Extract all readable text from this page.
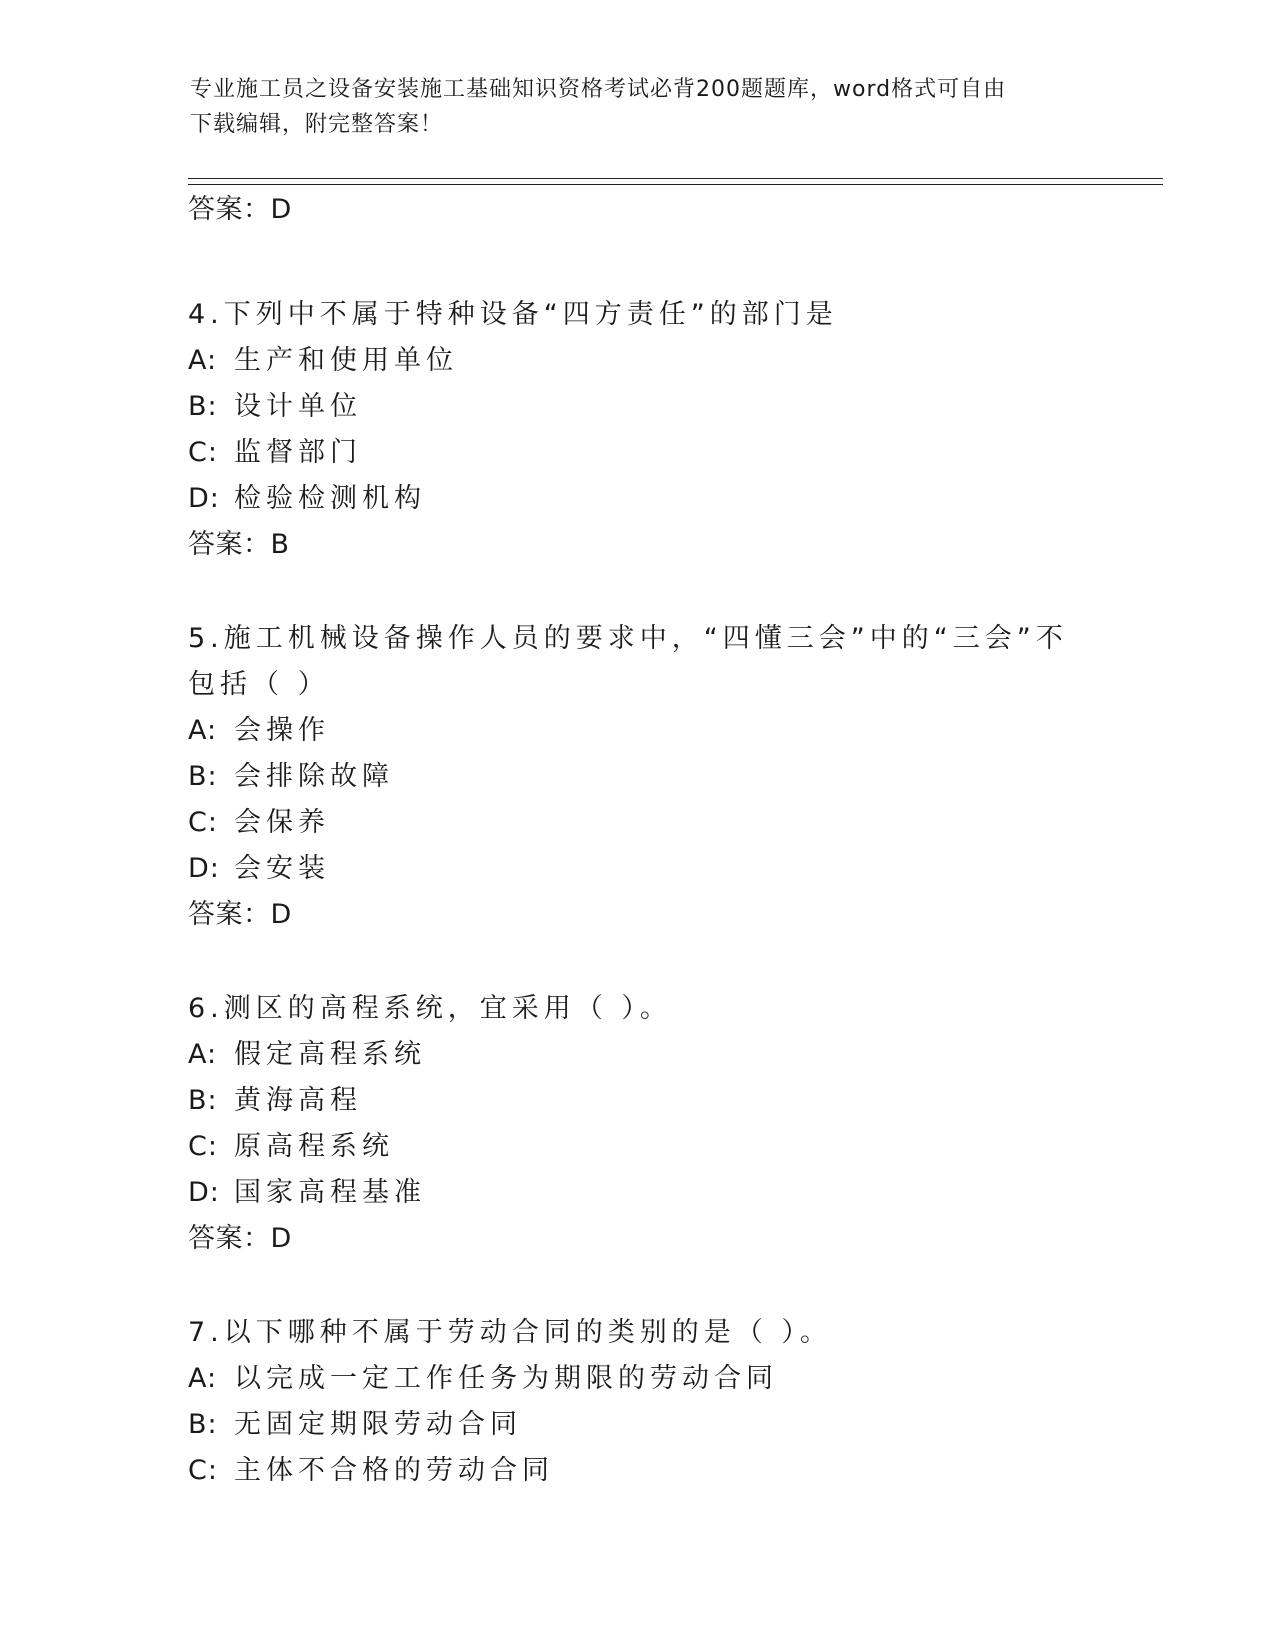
专业施工员之设备安装施工基础知识资格考试必背200题题库，word格式可自由
下载编辑，附完整答案！
答案：D
4.下列中不属于特种设备“四方责任”的部门是
A: 生产和使用单位
B: 设计单位
C: 监督部门
D: 检验检测机构
答案：B
5.施工机械设备操作人员的要求中，“四懂三会”中的“三会”不包括（ ）
A: 会操作
B: 会排除故障
C: 会保养
D: 会安装
答案：D
6.测区的高程系统，宜采用（ ）。
A: 假定高程系统
B: 黄海高程
C: 原高程系统
D: 国家高程基准
答案：D
7.以下哪种不属于劳动合同的类别的是（ ）。
A: 以完成一定工作任务为期限的劳动合同
B: 无固定期限劳动合同
C: 主体不合格的劳动合同
